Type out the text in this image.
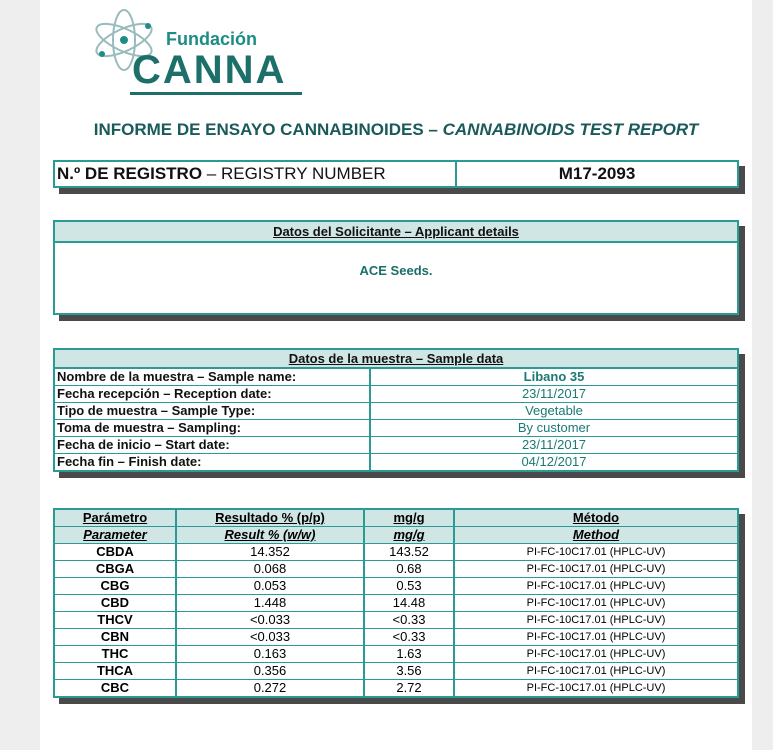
Fundación
CANNA
INFORME DE ENSAYO CANNABINOIDES – CANNABINOIDS TEST REPORT
N.º DE REGISTRO – REGISTRY NUMBER	M17-2093
Datos del Solicitante – Applicant details
ACE Seeds.
Datos de la muestra – Sample data
Nombre de la muestra – Sample name:	Libano 35
Fecha recepción – Reception date:	23/11/2017
Tipo de muestra – Sample Type:	Vegetable
Toma de muestra – Sampling:	By customer
Fecha de inicio – Start date:	23/11/2017
Fecha fin – Finish date:	04/12/2017
Parámetro	Resultado % (p/p)	mg/g	Método
Parameter	Result % (w/w)	mg/g	Method
CBDA	14.352	143.52	PI-FC-10C17.01 (HPLC-UV)
CBGA	0.068	0.68	PI-FC-10C17.01 (HPLC-UV)
CBG	0.053	0.53	PI-FC-10C17.01 (HPLC-UV)
CBD	1.448	14.48	PI-FC-10C17.01 (HPLC-UV)
THCV	<0.033	<0.33	PI-FC-10C17.01 (HPLC-UV)
CBN	<0.033	<0.33	PI-FC-10C17.01 (HPLC-UV)
THC	0.163	1.63	PI-FC-10C17.01 (HPLC-UV)
THCA	0.356	3.56	PI-FC-10C17.01 (HPLC-UV)
CBC	0.272	2.72	PI-FC-10C17.01 (HPLC-UV)
